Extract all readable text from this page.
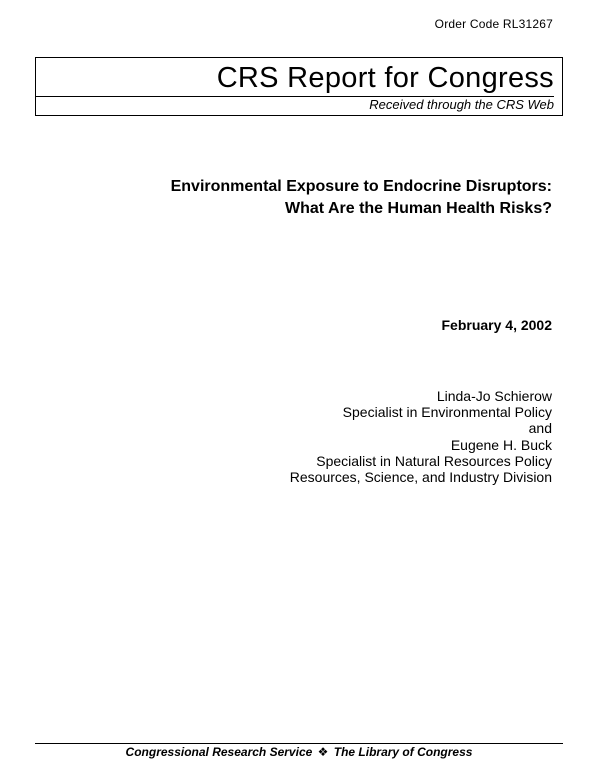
Order Code RL31267
CRS Report for Congress
Received through the CRS Web
Environmental Exposure to Endocrine Disruptors:
What Are the Human Health Risks?
February 4, 2002
Linda-Jo Schierow
Specialist in Environmental Policy
and
Eugene H. Buck
Specialist in Natural Resources Policy
Resources, Science, and Industry Division
Congressional Research Service ❖ The Library of Congress
